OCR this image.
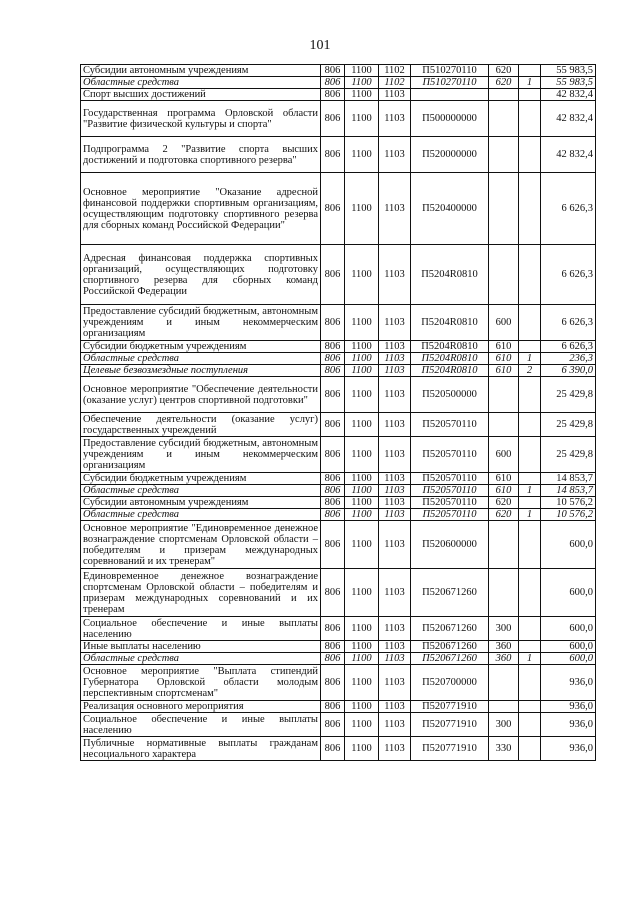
101
Субсидии автономным учреждениям	806	1100	1102	П510270110	620		55 983,5
Областные средства	806	1100	1102	П510270110	620	1	55 983,5
Спорт высших достижений	806	1100	1103				42 832,4
Государственная программа Орловской области "Развитие физической культуры и спорта"	806	1100	1103	П500000000			42 832,4
Подпрограмма 2 "Развитие спорта высших достижений и подготовка спортивного резерва"	806	1100	1103	П520000000			42 832,4
Основное мероприятие "Оказание адресной финансовой поддержки спортивным организациям, осуществляющим подготовку спортивного резерва для сборных команд Российской Федерации"	806	1100	1103	П520400000			6 626,3
Адресная финансовая поддержка спортивных организаций, осуществляющих подготовку спортивного резерва для сборных команд Российской Федерации	806	1100	1103	П5204R0810			6 626,3
Предоставление субсидий бюджетным, автономным учреждениям и иным некоммерческим организациям	806	1100	1103	П5204R0810	600		6 626,3
Субсидии бюджетным учреждениям	806	1100	1103	П5204R0810	610		6 626,3
Областные средства	806	1100	1103	П5204R0810	610	1	236,3
Целевые безвозмездные поступления	806	1100	1103	П5204R0810	610	2	6 390,0
Основное мероприятие "Обеспечение деятельности (оказание услуг) центров спортивной подготовки"	806	1100	1103	П520500000			25 429,8
Обеспечение деятельности (оказание услуг) государственных учреждений	806	1100	1103	П520570110			25 429,8
Предоставление субсидий бюджетным, автономным учреждениям и иным некоммерческим организациям	806	1100	1103	П520570110	600		25 429,8
Субсидии бюджетным учреждениям	806	1100	1103	П520570110	610		14 853,7
Областные средства	806	1100	1103	П520570110	610	1	14 853,7
Субсидии автономным учреждениям	806	1100	1103	П520570110	620		10 576,2
Областные средства	806	1100	1103	П520570110	620	1	10 576,2
Основное мероприятие "Единовременное денежное вознаграждение спортсменам Орловской области – победителям и призерам международных соревнований и их тренерам"	806	1100	1103	П520600000			600,0
Единовременное денежное вознаграждение спортсменам Орловской области – победителям и призерам международных соревнований и их тренерам	806	1100	1103	П520671260			600,0
Социальное обеспечение и иные выплаты населению	806	1100	1103	П520671260	300		600,0
Иные выплаты населению	806	1100	1103	П520671260	360		600,0
Областные средства	806	1100	1103	П520671260	360	1	600,0
Основное мероприятие "Выплата стипендий Губернатора Орловской области молодым перспективным спортсменам"	806	1100	1103	П520700000			936,0
Реализация основного мероприятия	806	1100	1103	П520771910			936,0
Социальное обеспечение и иные выплаты населению	806	1100	1103	П520771910	300		936,0
Публичные нормативные выплаты гражданам несоциального характера	806	1100	1103	П520771910	330		936,0
